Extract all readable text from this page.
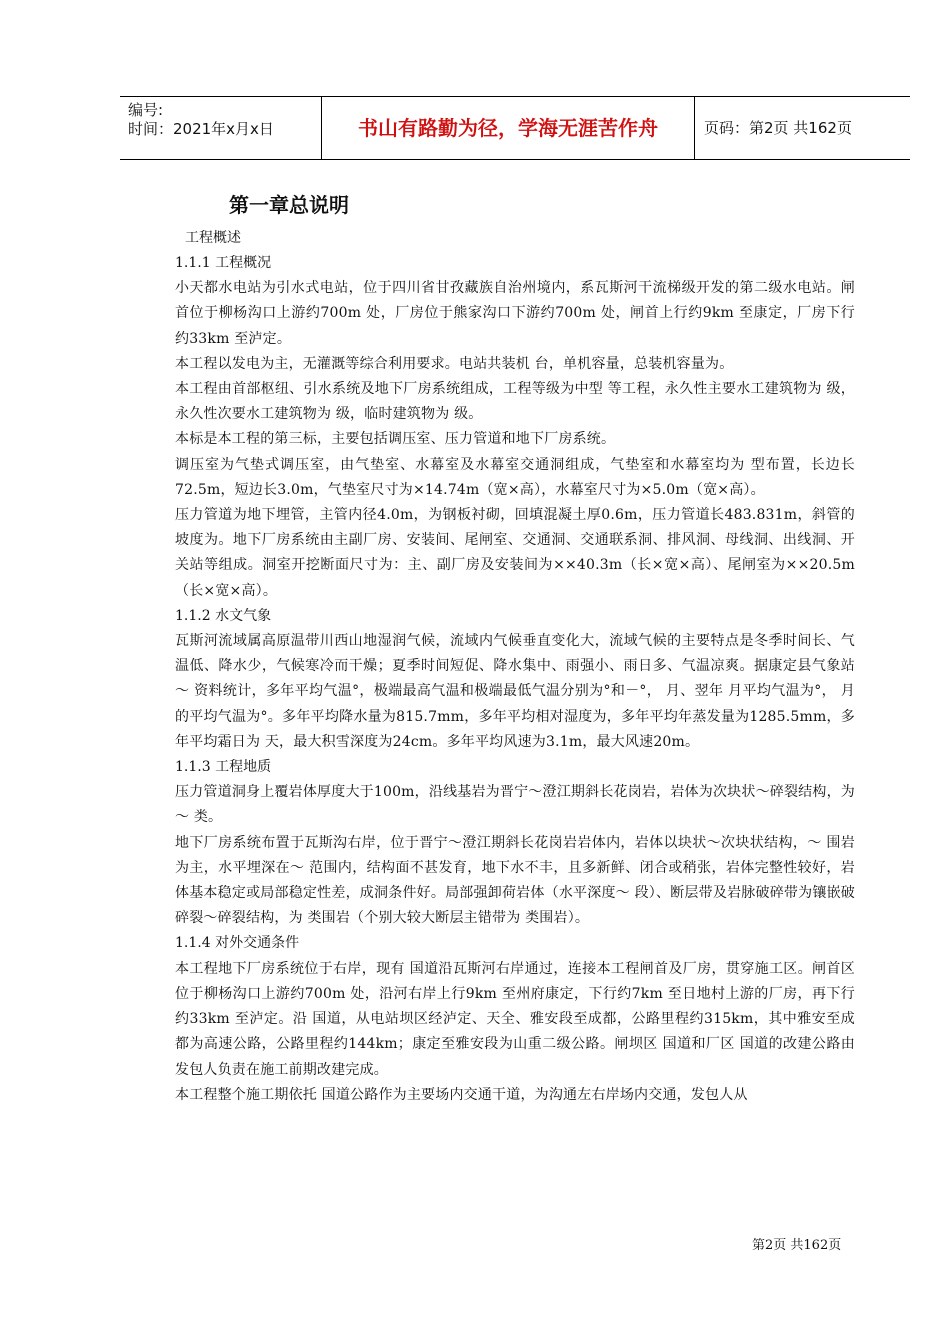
编号:
时间：2021年x月x日	书山有路勤为径，学海无涯苦作舟	页码：第2页 共162页
第一章总说明
工程概述
1.1.1 工程概况

小天都水电站为引水式电站，位于四川省甘孜藏族自治州境内，系瓦斯河干流梯级开发的第二级水电站。闸首位于柳杨沟口上游约700m 处，厂房位于熊家沟口下游约700m 处，闸首上行约9km 至康定，厂房下行约33km 至泸定。

本工程以发电为主，无灌溉等综合利用要求。电站共装机 台，单机容量，总装机容量为。

本工程由首部枢纽、引水系统及地下厂房系统组成，工程等级为中型 等工程，永久性主要水工建筑物为 级，永久性次要水工建筑物为 级，临时建筑物为 级。

本标是本工程的第三标，主要包括调压室、压力管道和地下厂房系统。

调压室为气垫式调压室，由气垫室、水幕室及水幕室交通洞组成，气垫室和水幕室均为 型布置，长边长72.5m，短边长3.0m，气垫室尺寸为×14.74m（宽×高），水幕室尺寸为×5.0m（宽×高）。

压力管道为地下埋管，主管内径4.0m，为钢板衬砌，回填混凝土厚0.6m，压力管道长483.831m，斜管的坡度为。地下厂房系统由主副厂房、安装间、尾闸室、交通洞、交通联系洞、排风洞、母线洞、出线洞、开关站等组成。洞室开挖断面尺寸为：主、副厂房及安装间为××40.3m（长×宽×高）、尾闸室为××20.5m（长×宽×高）。

1.1.2 水文气象

瓦斯河流域属高原温带川西山地湿润气候，流域内气候垂直变化大，流域气候的主要特点是冬季时间长、气温低、降水少，气候寒冷而干燥；夏季时间短促、降水集中、雨强小、雨日多、气温凉爽。据康定县气象站～ 资料统计，多年平均气温°，极端最高气温和极端最低气温分别为°和－°， 月、翌年 月平均气温为°， 月的平均气温为°。多年平均降水量为815.7mm，多年平均相对湿度为，多年平均年蒸发量为1285.5mm，多年平均霜日为 天，最大积雪深度为24cm。多年平均风速为3.1m，最大风速20m。

1.1.3 工程地质

压力管道洞身上覆岩体厚度大于100m，沿线基岩为晋宁～澄江期斜长花岗岩，岩体为次块状～碎裂结构，为～ 类。

地下厂房系统布置于瓦斯沟右岸，位于晋宁～澄江期斜长花岗岩岩体内，岩体以块状～次块状结构，～ 围岩为主，水平埋深在～ 范围内，结构面不甚发育，地下水不丰，且多新鲜、闭合或稍张，岩体完整性较好，岩体基本稳定或局部稳定性差，成洞条件好。局部强卸荷岩体（水平深度～ 段）、断层带及岩脉破碎带为镶嵌破碎裂～碎裂结构，为 类围岩（个别大较大断层主错带为 类围岩）。

1.1.4 对外交通条件

本工程地下厂房系统位于右岸，现有 国道沿瓦斯河右岸通过，连接本工程闸首及厂房，贯穿施工区。闸首区位于柳杨沟口上游约700m 处，沿河右岸上行9km 至州府康定，下行约7km 至日地村上游的厂房，再下行约33km 至泸定。沿 国道，从电站坝区经泸定、天全、雅安段至成都，公路里程约315km，其中雅安至成都为高速公路，公路里程约144km；康定至雅安段为山重二级公路。闸坝区 国道和厂区 国道的改建公路由发包人负责在施工前期改建完成。

本工程整个施工期依托 国道公路作为主要场内交通干道，为沟通左右岸场内交通，发包人从

第2页 共162页
